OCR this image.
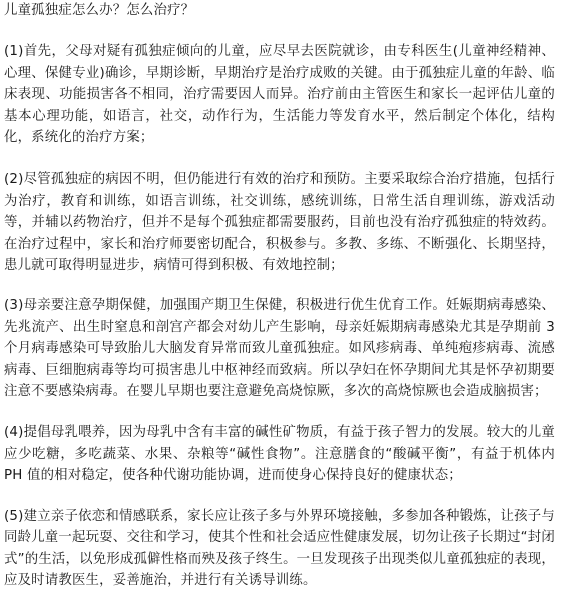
儿童孤独症怎么办？怎么治疗？

(1)首先，父母对疑有孤独症倾向的儿童，应尽早去医院就诊，由专科医生(儿童神经精神、心理、保健专业)确诊，早期诊断，早期治疗是治疗成败的关键。由于孤独症儿童的年龄、临床表现、功能损害各不相同，治疗需要因人而异。治疗前由主管医生和家长一起评估儿童的基本心理功能，如语言，社交，动作行为，生活能力等发育水平，然后制定个体化，结构化，系统化的治疗方案；

(2)尽管孤独症的病因不明，但仍能进行有效的治疗和预防。主要采取综合治疗措施，包括行为治疗，教育和训练，如语言训练，社交训练，感统训练，日常生活自理训练，游戏活动等，并辅以药物治疗，但并不是每个孤独症都需要服药，目前也没有治疗孤独症的特效药。在治疗过程中，家长和治疗师要密切配合，积极参与。多教、多练、不断强化、长期坚持，患儿就可取得明显进步，病情可得到积极、有效地控制；

(3)母亲要注意孕期保健，加强围产期卫生保健，积极进行优生优育工作。妊娠期病毒感染、先兆流产、出生时窒息和剖宫产都会对幼儿产生影响，母亲妊娠期病毒感染尤其是孕期前 3 个月病毒感染可导致胎儿大脑发育异常而致儿童孤独症。如风疹病毒、单纯疱疹病毒、流感病毒、巨细胞病毒等均可损害患儿中枢神经而致病。所以孕妇在怀孕期间尤其是怀孕初期要注意不要感染病毒。在婴儿早期也要注意避免高烧惊厥，多次的高烧惊厥也会造成脑损害；

(4)提倡母乳喂养，因为母乳中含有丰富的碱性矿物质，有益于孩子智力的发展。较大的儿童应少吃糖，多吃蔬菜、水果、杂粮等“碱性食物”。注意膳食的“酸碱平衡”，有益于机体内 PH 值的相对稳定，使各种代谢功能协调，进而使身心保持良好的健康状态；

(5)建立亲子依恋和情感联系，家长应让孩子多与外界环境接触，多参加各种锻炼，让孩子与同龄儿童一起玩耍、交往和学习，使其个性和社会适应性健康发展，切勿让孩子长期过“封闭式”的生活，以免形成孤僻性格而殃及孩子终生。一旦发现孩子出现类似儿童孤独症的表现，应及时请教医生，妥善施治，并进行有关诱导训练。
